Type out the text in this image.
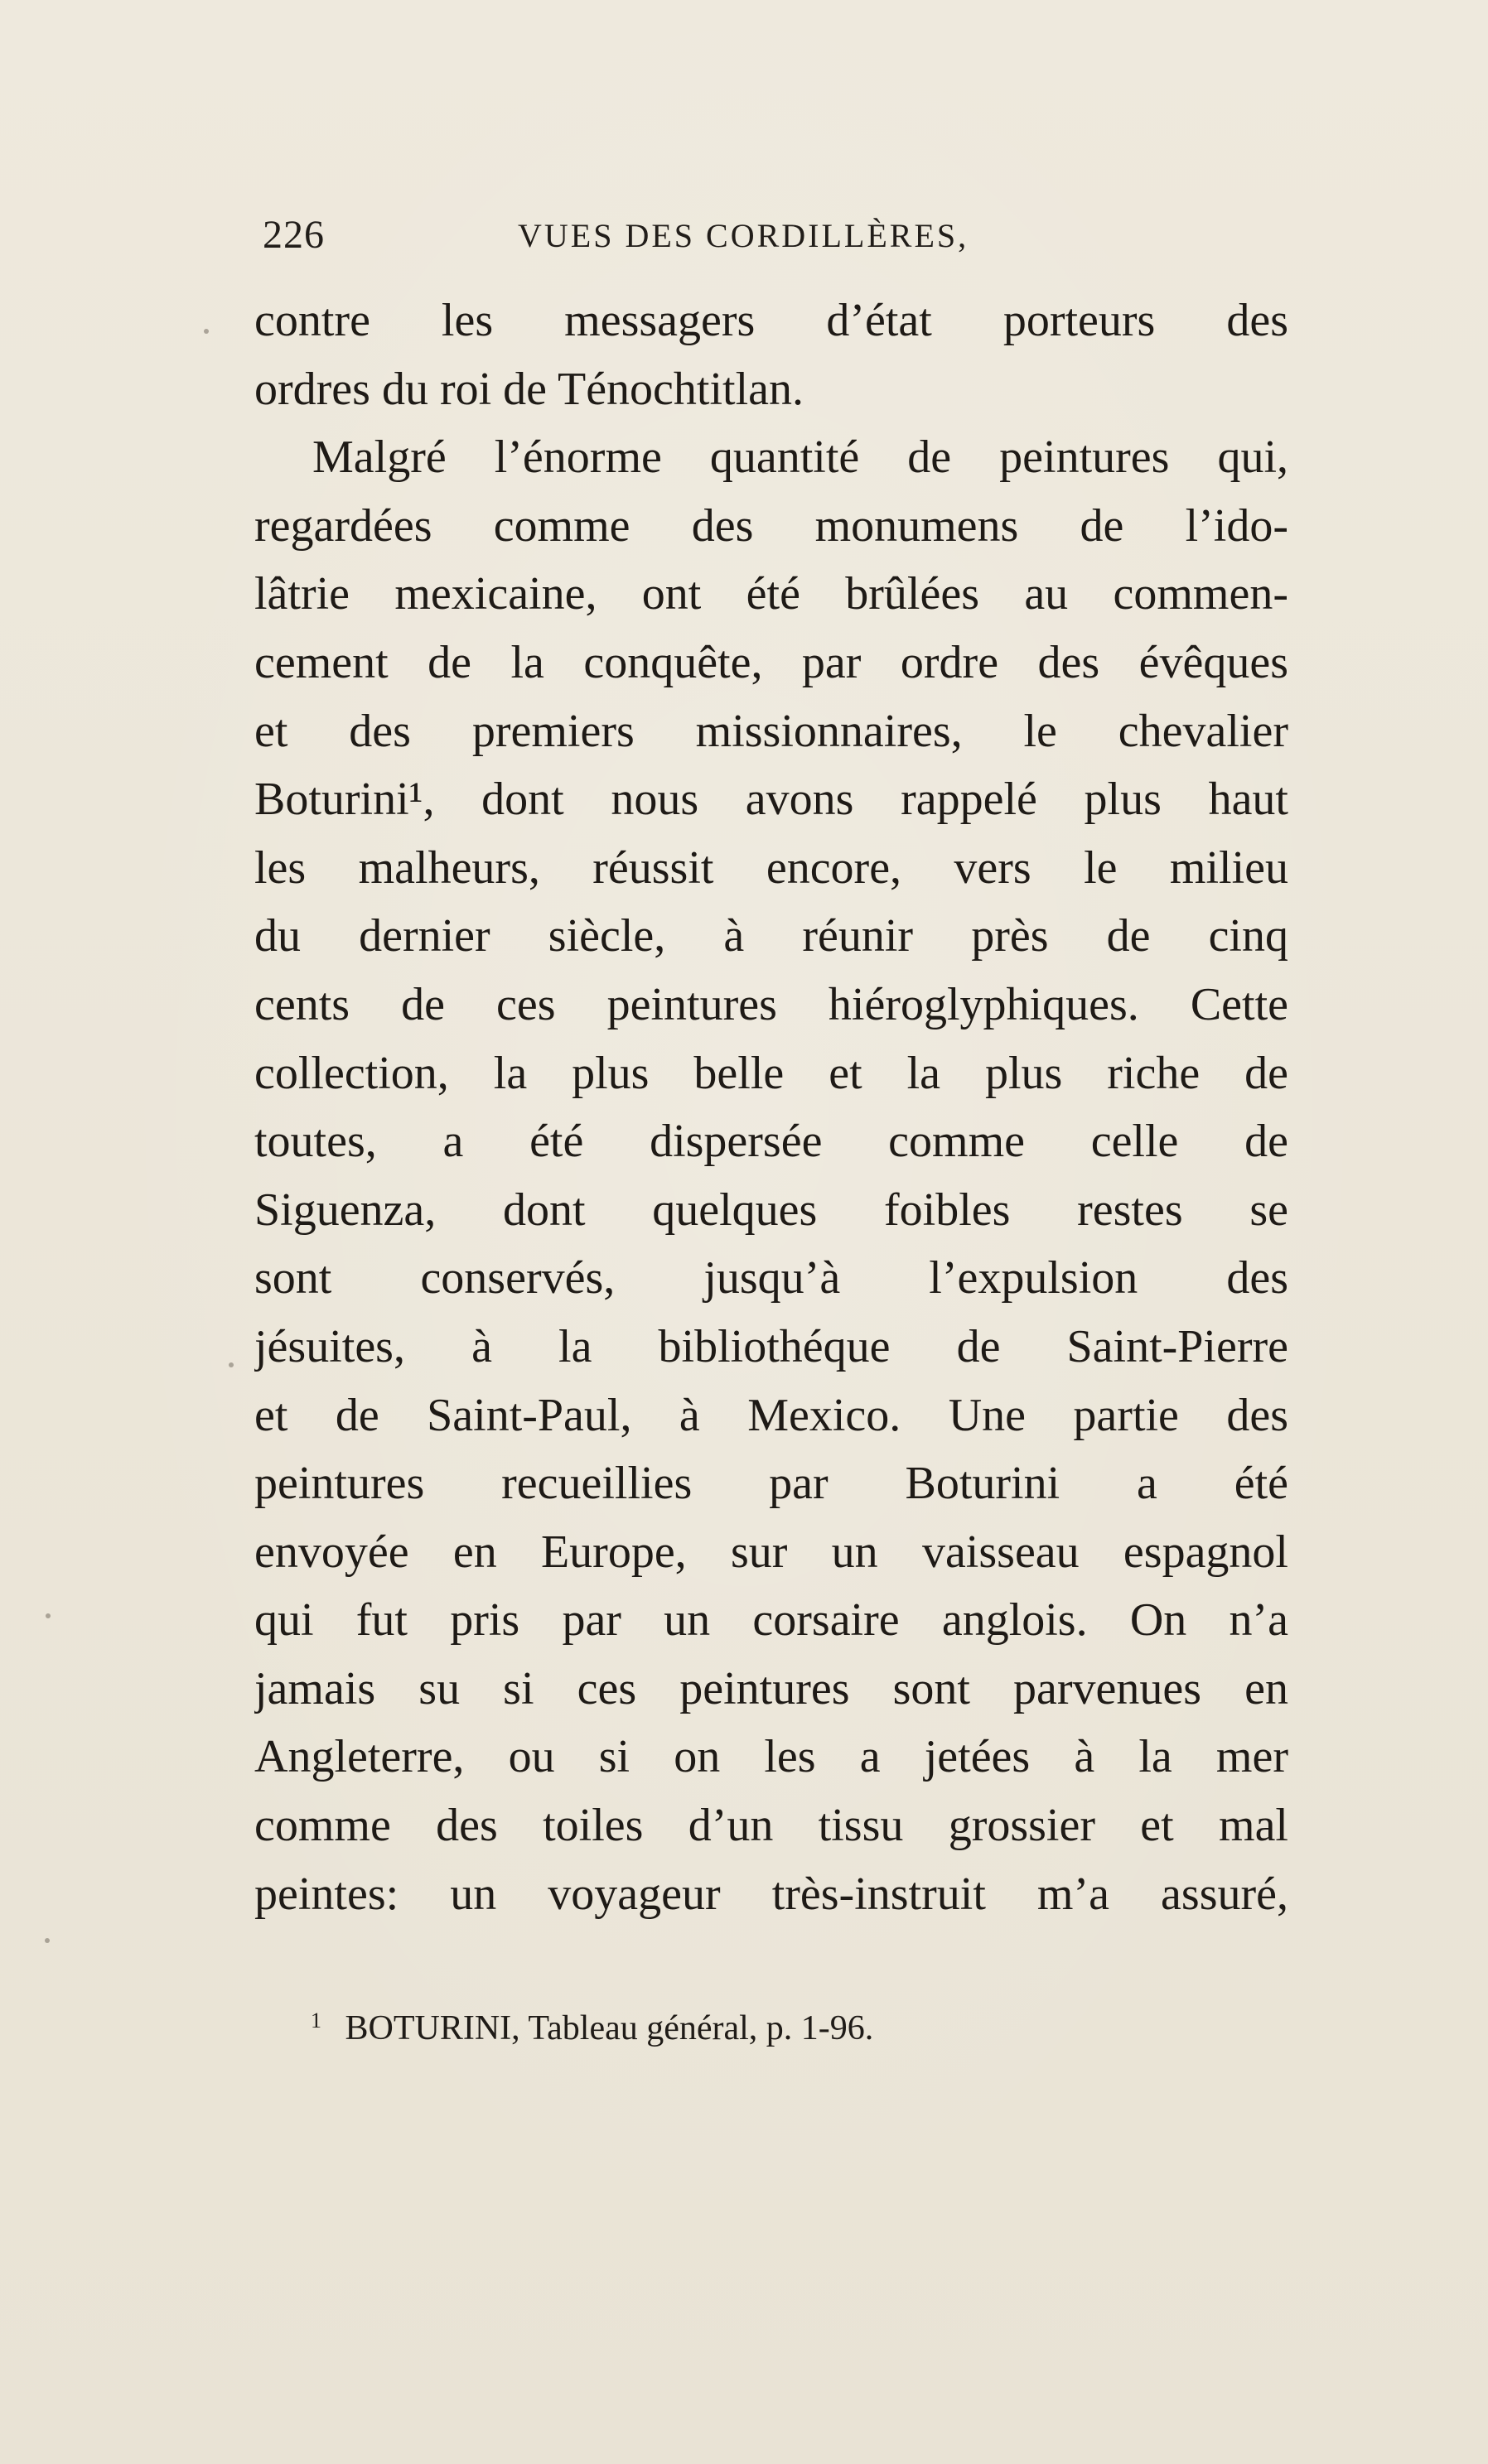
226	VUES DES CORDILLÈRES,
contre les messagers d’état porteurs des
ordres du roi de Ténochtitlan.
Malgré l’énorme quantité de peintures qui,
regardées comme des monumens de l’ido-
lâtrie mexicaine, ont été brûlées au commen-
cement de la conquête, par ordre des évêques
et des premiers missionnaires, le chevalier
Boturini¹, dont nous avons rappelé plus haut
les malheurs, réussit encore, vers le milieu
du dernier siècle, à réunir près de cinq
cents de ces peintures hiéroglyphiques. Cette
collection, la plus belle et la plus riche de
toutes, a été dispersée comme celle de
Siguenza, dont quelques foibles restes se
sont conservés, jusqu’à l’expulsion des
jésuites, à la bibliothéque de Saint-Pierre
et de Saint-Paul, à Mexico. Une partie des
peintures recueillies par Boturini a été
envoyée en Europe, sur un vaisseau espagnol
qui fut pris par un corsaire anglois. On n’a
jamais su si ces peintures sont parvenues en
Angleterre, ou si on les a jetées à la mer
comme des toiles d’un tissu grossier et mal
peintes: un voyageur très-instruit m’a assuré,
$^1$ BOTURINI, Tableau général, p. 1-96.
